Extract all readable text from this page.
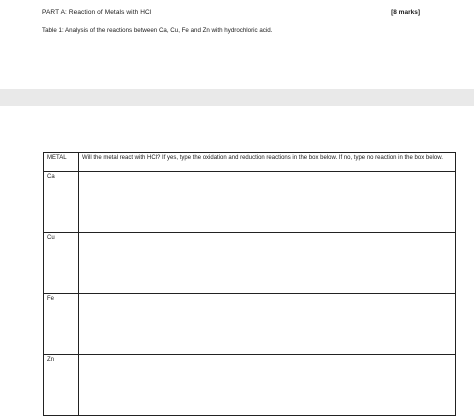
PART A: Reaction of Metals with HCl	[8 marks]
Table 1: Analysis of the reactions between Ca, Cu, Fe and Zn with hydrochloric acid.
METAL	Will the metal react with HCl? If yes, type the oxidation and reduction reactions in the box below. If no, type no reaction in the box below.
Ca	
Cu	
Fe	
Zn	
